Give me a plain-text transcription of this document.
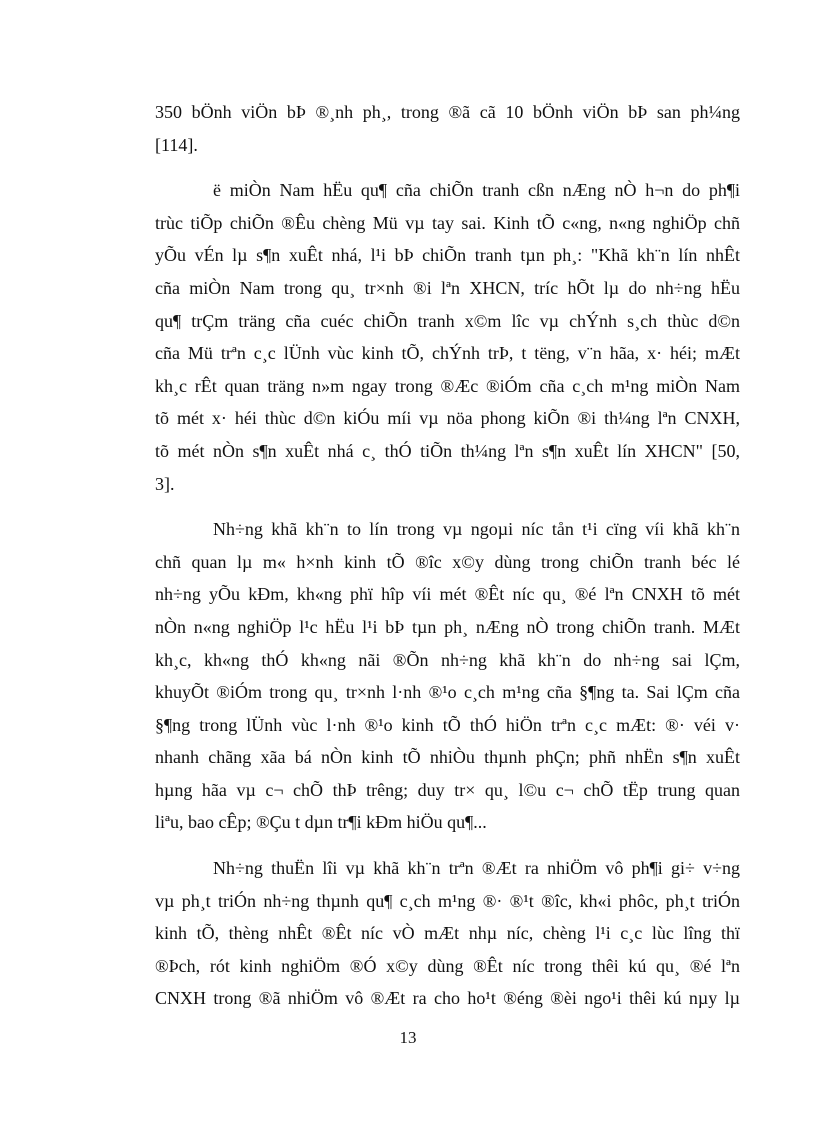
350 bÖnh viÖn bÞ ®¸nh ph¸, trong ®ã cã 10 bÖnh viÖn bÞ san ph¼ng
[114].
ë miÒn Nam hËu qu¶ cña chiÕn tranh cßn nÆng nÒ h¬n do ph¶i
trùc tiÕp chiÕn ®Êu chèng Mü vµ tay sai. Kinh tÕ c«ng, n«ng nghiÖp chñ
yÕu vÉn lµ s¶n xuÊt nhá, l¹i bÞ chiÕn tranh tµn ph¸: "Khã kh¨n lín nhÊt
cña miÒn Nam trong qu¸ tr×nh ®i lªn XHCN, tríc hÕt lµ do nh÷ng hËu
qu¶ trÇm träng cña cuéc chiÕn tranh x©m lîc vµ chÝnh s¸ch thùc d©n
cña Mü trªn c¸c lÜnh vùc kinh tÕ, chÝnh trÞ, t tëng, v¨n hãa, x· héi; mÆt
kh¸c rÊt quan träng n»m ngay trong ®Æc ®iÓm cña c¸ch m¹ng miÒn Nam
tõ mét x· héi thùc d©n kiÓu míi vµ nöa phong kiÕn ®i th¼ng lªn CNXH,
tõ mét nÒn s¶n xuÊt nhá c¸ thÓ tiÕn th¼ng lªn s¶n xuÊt lín XHCN" [50,
3].
Nh÷ng khã kh¨n to lín trong vµ ngoµi níc tån t¹i cïng víi khã kh¨n
chñ quan lµ m« h×nh kinh tÕ ®îc x©y dùng trong chiÕn tranh béc lé
nh÷ng yÕu kÐm, kh«ng phï hîp víi mét ®Êt níc qu¸ ®é lªn CNXH tõ mét
nÒn n«ng nghiÖp l¹c hËu l¹i bÞ tµn ph¸ nÆng nÒ trong chiÕn tranh. MÆt
kh¸c, kh«ng thÓ kh«ng nãi ®Õn nh÷ng khã kh¨n do nh÷ng sai lÇm,
khuyÕt ®iÓm trong qu¸ tr×nh l·nh ®¹o c¸ch m¹ng cña §¶ng ta. Sai lÇm cña
§¶ng trong lÜnh vùc l·nh ®¹o kinh tÕ thÓ hiÖn trªn c¸c mÆt: ®· véi v·
nhanh chãng xãa bá nÒn kinh tÕ nhiÒu thµnh phÇn; phñ nhËn s¶n xuÊt
hµng hãa vµ c¬ chÕ thÞ trêng; duy tr× qu¸ l©u c¬ chÕ tËp trung quan
liªu, bao cÊp; ®Çu t dµn tr¶i kÐm hiÖu qu¶...
Nh÷ng thuËn lîi vµ khã kh¨n trªn ®Æt ra nhiÖm vô ph¶i gi÷ v÷ng
vµ ph¸t triÓn nh÷ng thµnh qu¶ c¸ch m¹ng ®· ®¹t ®îc, kh«i phôc, ph¸t triÓn
kinh tÕ, thèng nhÊt ®Êt níc vÒ mÆt nhµ níc, chèng l¹i c¸c lùc lîng thï
®Þch, rót kinh nghiÖm ®Ó x©y dùng ®Êt níc trong thêi kú qu¸ ®é lªn
CNXH trong ®ã nhiÖm vô ®Æt ra cho ho¹t ®éng ®èi ngo¹i thêi kú nµy lµ
13
